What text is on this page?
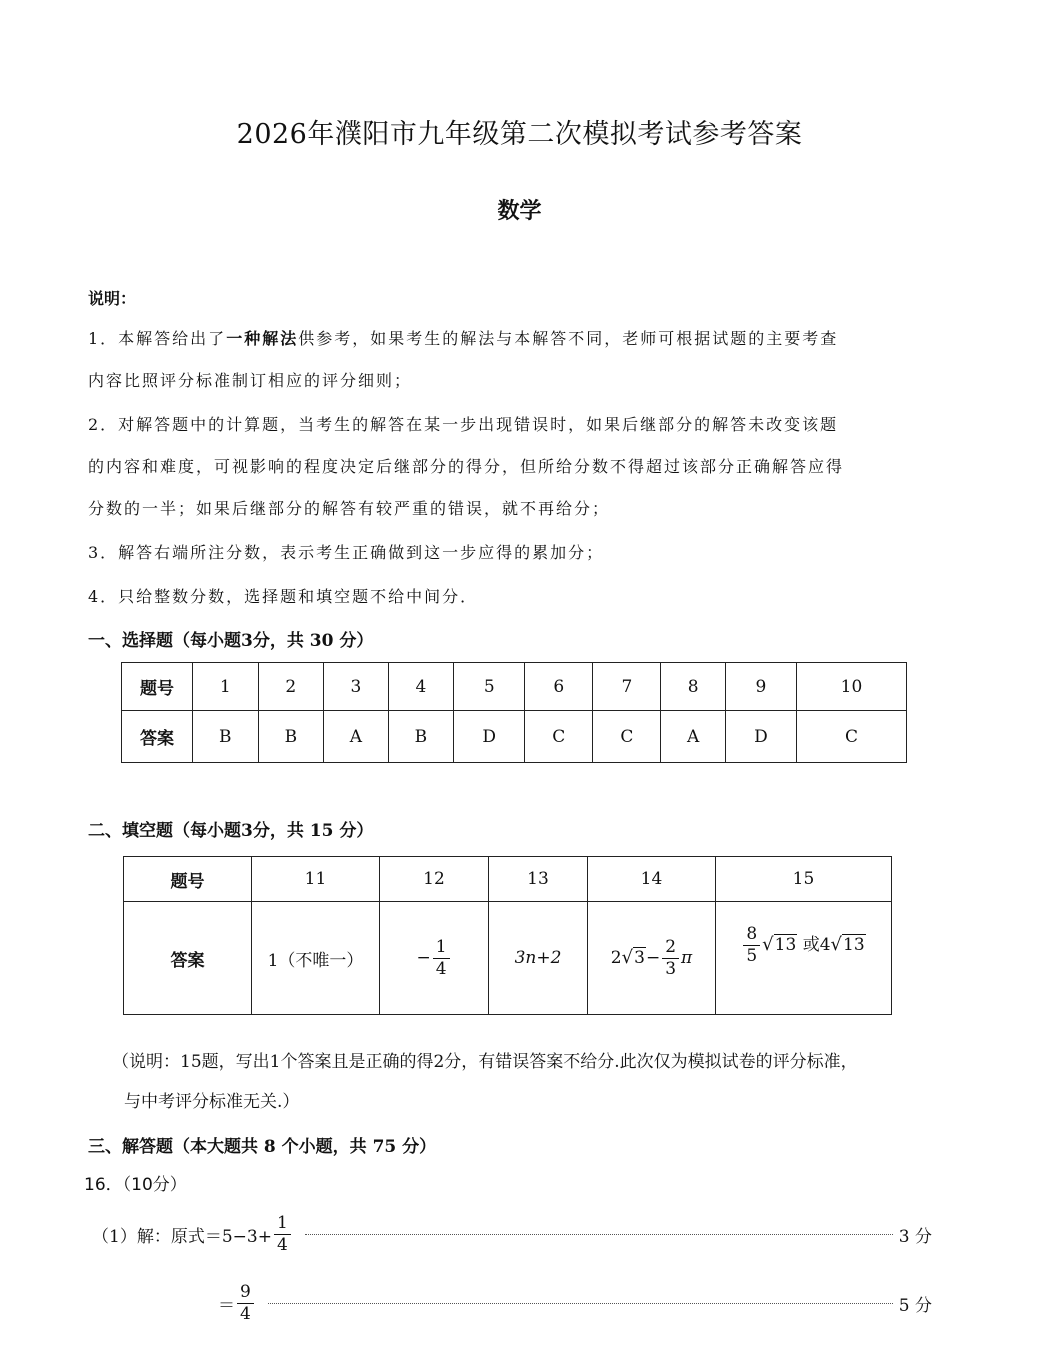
2026年濮阳市九年级第二次模拟考试参考答案
数学
说明：
1．本解答给出了一种解法供参考，如果考生的解法与本解答不同，老师可根据试题的主要考查
内容比照评分标准制订相应的评分细则；
2．对解答题中的计算题，当考生的解答在某一步出现错误时，如果后继部分的解答未改变该题
的内容和难度，可视影响的程度决定后继部分的得分，但所给分数不得超过该部分正确解答应得
分数的一半；如果后继部分的解答有较严重的错误，就不再给分；
3．解答右端所注分数，表示考生正确做到这一步应得的累加分；
4．只给整数分数，选择题和填空题不给中间分．
一、选择题（每小题3分，共 30 分）
题号	1	2	3	4	5	6	7	8	9	10
答案	B	B	A	B	D	C	C	A	D	C
二、填空题（每小题3分，共 15 分）
题号	11	12	13	14	15
答案	1（不唯一）	− $\frac{1}{4}$	3n+2	$2√3- \frac{2}{3}$ π	$\frac{8}{5} √13$ 或4√13
（说明：15题，写出1个答案且是正确的得2分，有错误答案不给分.此次仅为模拟试卷的评分标准，
与中考评分标准无关.）
三、解答题（本大题共 8 个小题，共 75 分）
16．（10分）
（1）解：原式$=5-3+ \frac{1}{4}$	3 分
＝ $\frac{9}{4}$	5 分
